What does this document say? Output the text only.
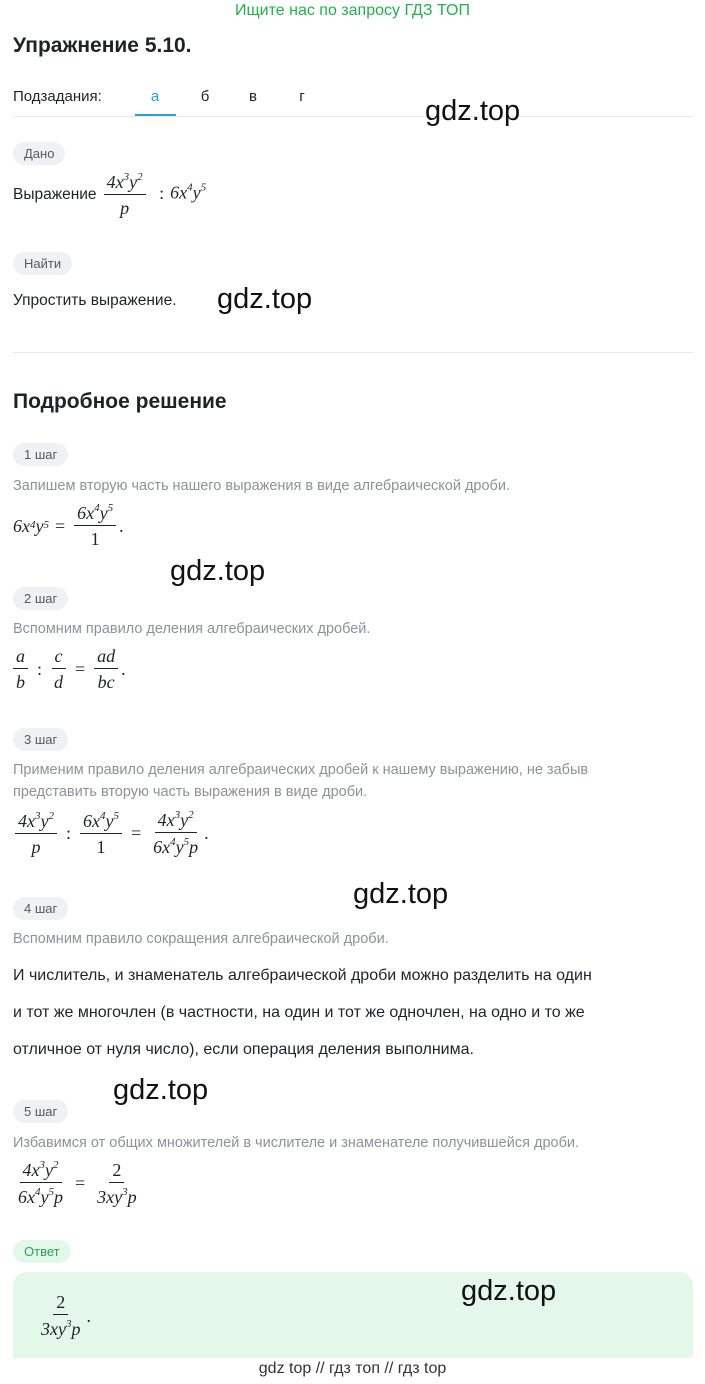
Ищите нас по запросу ГДЗ ТОП
Упражнение 5.10.
Подзадания:	а	б	в	г	gdz.top
Дано
Выражение $\frac{4x^3y^2}{p}$ : $6x^4y^5$
Найти
Упростить выражение. gdz.top
Подробное решение
1 шаг
Запишем вторую часть нашего выражения в виде алгебраической дроби.
6x 4 y $5 = \frac{6x^4y^5}{1}$ .
gdz.top
2 шаг
Вспомним правило деления алгебраических дробей.
$\frac{a}{b}$ : $\frac{c}{d} = \frac{ad}{bc}$ .
3 шаг
Применим правило деления алгебраических дробей к нашему выражению, не забыв
представить вторую часть выражения в виде дроби.
$\frac{4x^3y^2}{p}$ : $\frac{6x^4y^5}{1} = \frac{4x^3y^2}{6x^4y^5p}$ .
gdz.top
4 шаг
Вспомним правило сокращения алгебраической дроби.
И числитель, и знаменатель алгебраической дроби можно разделить на один
и тот же многочлен (в частности, на один и тот же одночлен, на одно и то же
отличное от нуля число), если операция деления выполнима.
gdz.top
5 шаг
Избавимся от общих множителей в числителе и знаменателе получившейся дроби.
$\frac{4x^3y^2}{6x^4y^5p} = \frac{2}{3xy^3p}$
Ответ
$\frac{2}{3xy^3p}$ .
gdz.top
gdz top // гдз топ // гдз top
